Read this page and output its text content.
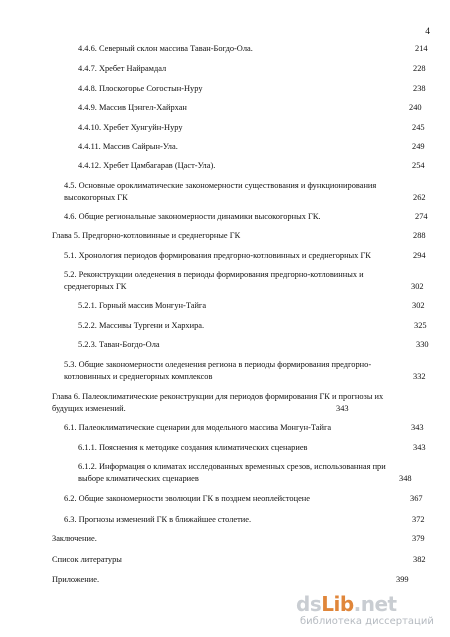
4
4.4.6. Северный склон массива Таван-Богдо-Ола.	214
4.4.7. Хребет Найрамдал	228
4.4.8. Плоскогорье Согостын-Нуру	238
4.4.9. Массив Цэнгел-Хайрхан	240
4.4.10. Хребет Хунгуйн-Нуру	245
4.4.11. Массив Сайрын-Ула.	249
4.4.12. Хребет Цамбагарав (Цаст-Ула).	254
4.5. Основные ороклиматические закономерности существования и функционирования
высокогорных ГК	262
4.6. Общие региональные закономерности динамики высокогорных ГК.	274
Глава 5. Предгорно-котловинные и среднегорные ГК	288
5.1. Хронология периодов формирования предгорно-котловинных и среднегорных ГК	294
5.2. Реконструкции оледенения в периоды формирования предгорно-котловинных и
среднегорных ГК	302
5.2.1. Горный массив Монгун-Тайга	302
5.2.2. Массивы Тургени и Хархира.	325
5.2.3. Таван-Богдо-Ола	330
5.3. Общие закономерности оледенения региона в периоды формирования предгорно-
котловинных и среднегорных комплексов	332
Глава 6. Палеоклиматические реконструкции для периодов формирования ГК и прогнозы их
будущих изменений.	343
6.1. Палеоклиматические сценарии для модельного массива Монгун-Тайга	343
6.1.1. Пояснения к методике создания климатических сценариев	343
6.1.2. Информация о климатах исследованных временных срезов, использованная при
выборе климатических сценариев	348
6.2. Общие закономерности эволюции ГК в позднем неоплейстоцене	367
6.3. Прогнозы изменений ГК в ближайшее столетие.	372
Заключение.	379
Список литературы	382
Приложение.	399
dsLib.net
библиотека диссертаций
